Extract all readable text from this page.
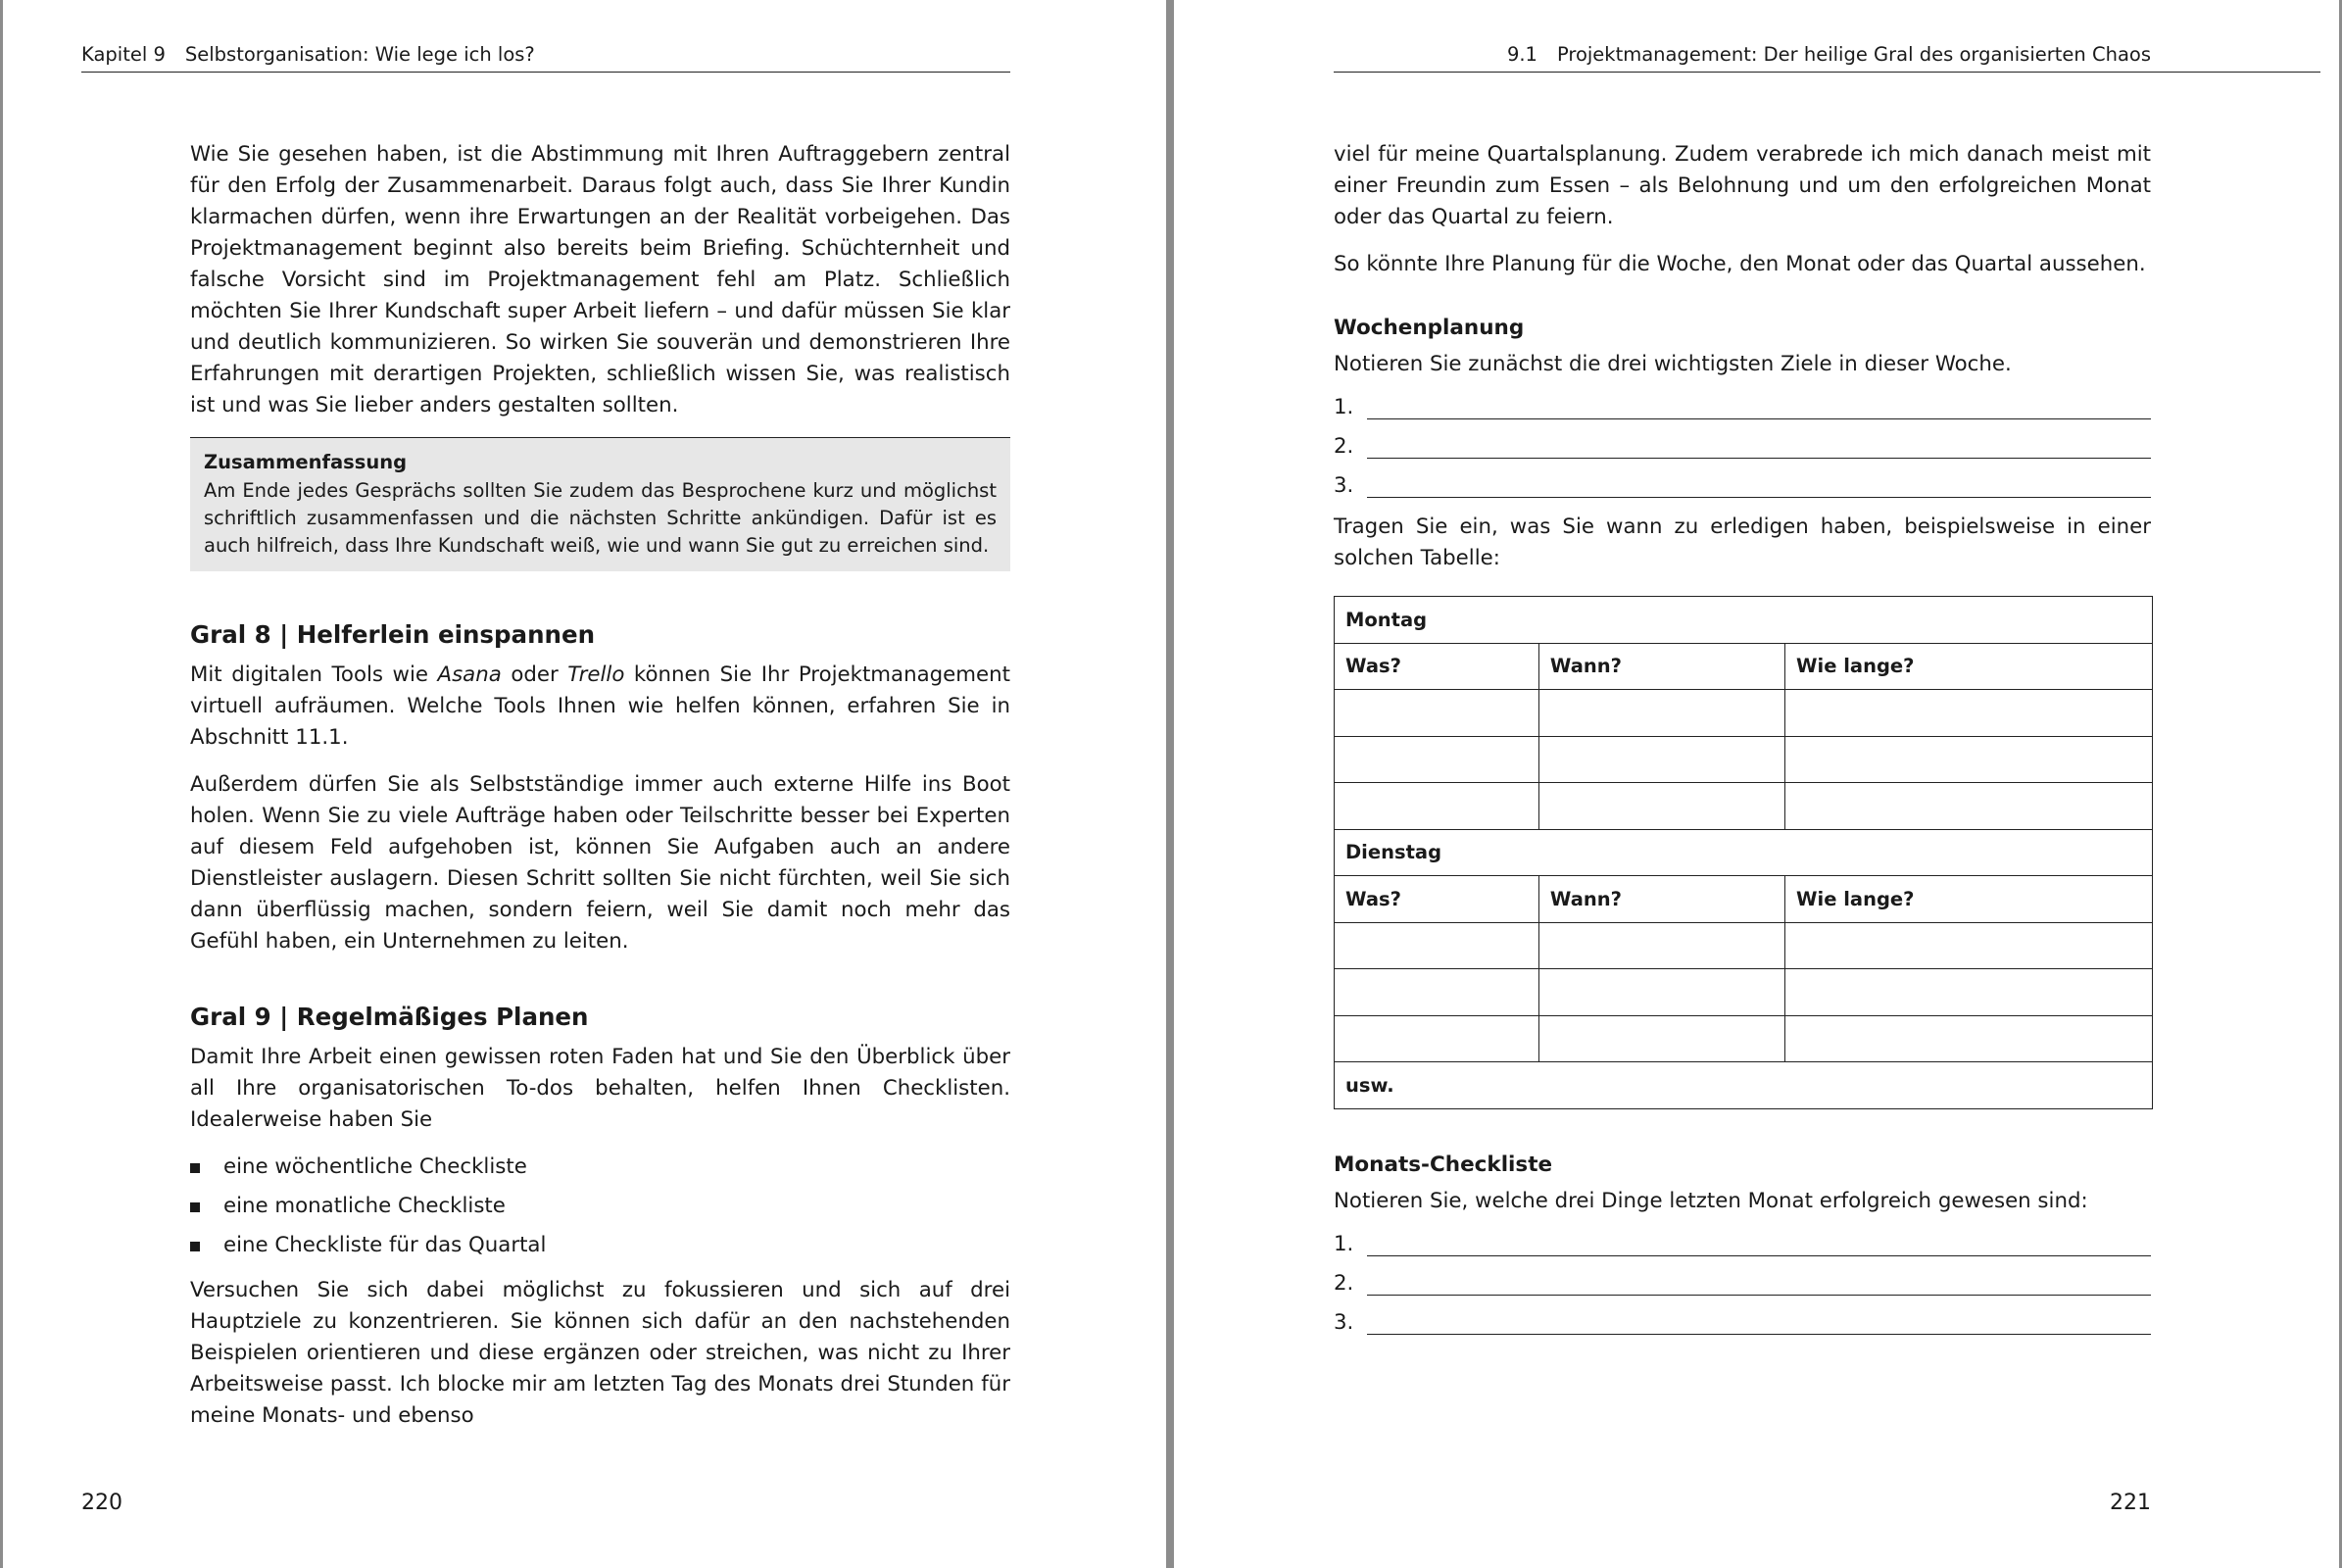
Kapitel 9 Selbstorganisation: Wie lege ich los?

Wie Sie gesehen haben, ist die Abstimmung mit Ihren Auftraggebern zentral für den Erfolg der Zusammenarbeit. Daraus folgt auch, dass Sie Ihrer Kundin klarmachen dürfen, wenn ihre Erwartungen an der Realität vorbeigehen. Das Projektmanagement beginnt also bereits beim Briefing. Schüchternheit und falsche Vorsicht sind im Projektmanagement fehl am Platz. Schließlich möchten Sie Ihrer Kundschaft super Arbeit liefern – und dafür müssen Sie klar und deutlich kommunizieren. So wirken Sie souverän und demonstrieren Ihre Erfahrungen mit derartigen Projekten, schließlich wissen Sie, was realistisch ist und was Sie lieber anders gestalten sollten.

Zusammenfassung
Am Ende jedes Gesprächs sollten Sie zudem das Besprochene kurz und möglichst schriftlich zusammenfassen und die nächsten Schritte ankündigen. Dafür ist es auch hilfreich, dass Ihre Kundschaft weiß, wie und wann Sie gut zu erreichen sind.
Gral 8 | Helferlein einspannen

Mit digitalen Tools wie Asana oder Trello können Sie Ihr Projektmanagement virtuell aufräumen. Welche Tools Ihnen wie helfen können, erfahren Sie in Abschnitt 11.1.

Außerdem dürfen Sie als Selbstständige immer auch externe Hilfe ins Boot holen. Wenn Sie zu viele Aufträge haben oder Teilschritte besser bei Experten auf diesem Feld aufgehoben ist, können Sie Aufgaben auch an andere Dienstleister auslagern. Diesen Schritt sollten Sie nicht fürchten, weil Sie sich dann überflüssig machen, sondern feiern, weil Sie damit noch mehr das Gefühl haben, ein Unternehmen zu leiten.

Gral 9 | Regelmäßiges Planen

Damit Ihre Arbeit einen gewissen roten Faden hat und Sie den Überblick über all Ihre organisatorischen To-dos behalten, helfen Ihnen Checklisten. Idealerweise haben Sie

eine wöchentliche Checkliste
eine monatliche Checkliste
eine Checkliste für das Quartal

Versuchen Sie sich dabei möglichst zu fokussieren und sich auf drei Hauptziele zu konzentrieren. Sie können sich dafür an den nachstehenden Beispielen orientieren und diese ergänzen oder streichen, was nicht zu Ihrer Arbeitsweise passt. Ich blocke mir am letzten Tag des Monats drei Stunden für meine Monats- und ebenso

220
9.1 Projektmanagement: Der heilige Gral des organisierten Chaos

viel für meine Quartalsplanung. Zudem verabrede ich mich danach meist mit einer Freundin zum Essen – als Belohnung und um den erfolgreichen Monat oder das Quartal zu feiern.

So könnte Ihre Planung für die Woche, den Monat oder das Quartal aussehen.

Wochenplanung

Notieren Sie zunächst die drei wichtigsten Ziele in dieser Woche.

1.
2.
3.

Tragen Sie ein, was Sie wann zu erledigen haben, beispielsweise in einer solchen Tabelle:

Montag		
Was?	Wann?	Wie lange?

Dienstag		
Was?	Wann?	Wie lange?

usw.		
Monats-Checkliste

Notieren Sie, welche drei Dinge letzten Monat erfolgreich gewesen sind:

1.
2.
3.
221
